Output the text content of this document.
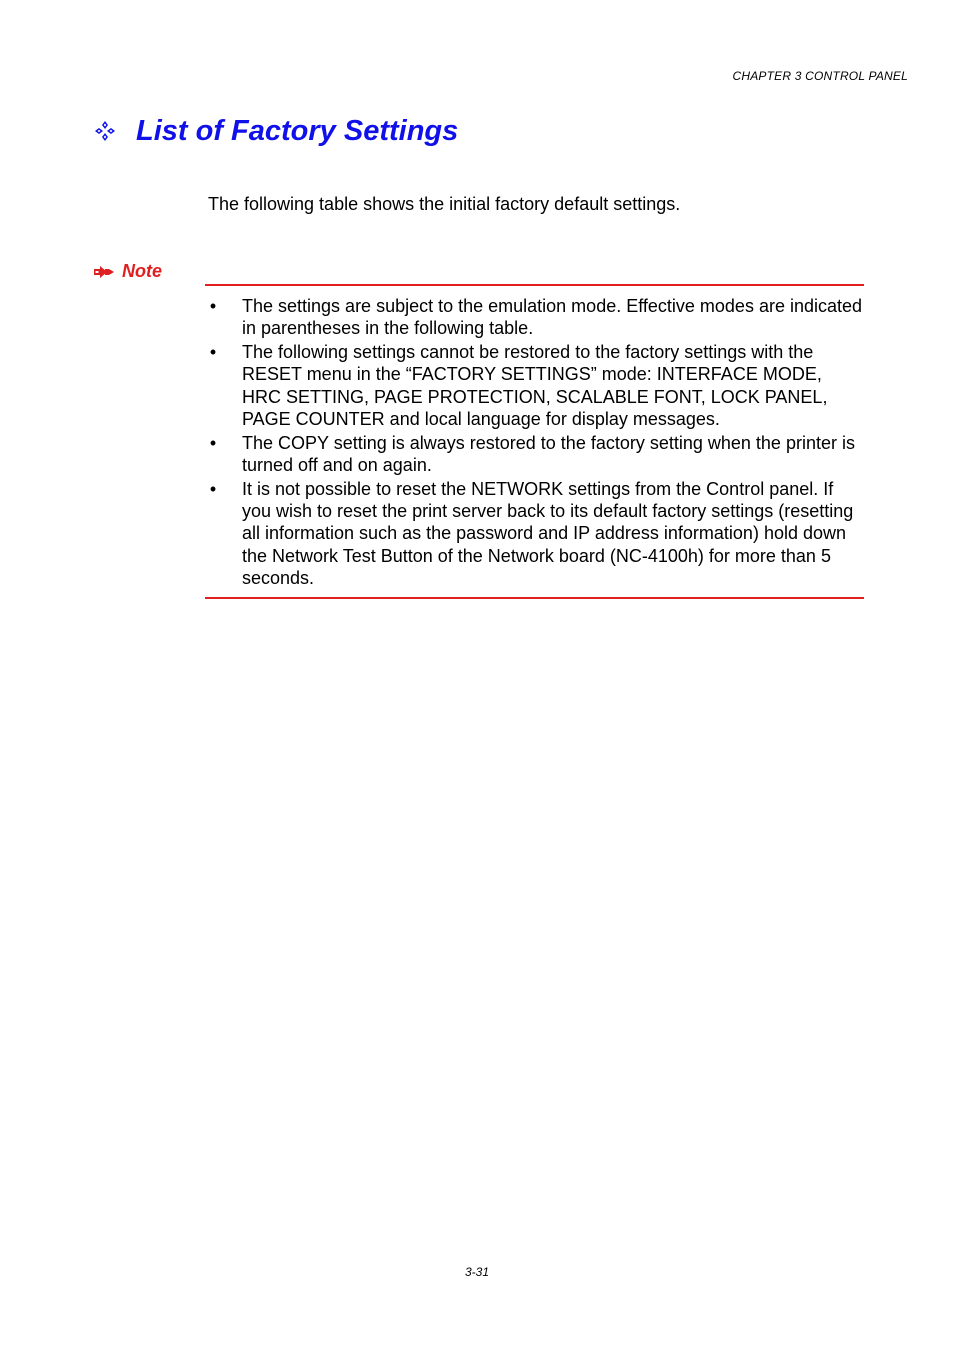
CHAPTER 3 CONTROL PANEL
List of Factory Settings
The following table shows the initial factory default settings.
Note
• The settings are subject to the emulation mode. Effective modes are indicated in parentheses in the following table.
• The following settings cannot be restored to the factory settings with the RESET menu in the “FACTORY SETTINGS” mode: INTERFACE MODE, HRC SETTING, PAGE PROTECTION, SCALABLE FONT, LOCK PANEL, PAGE COUNTER and local language for display messages.
• The COPY setting is always restored to the factory setting when the printer is turned off and on again.
• It is not possible to reset the NETWORK settings from the Control panel. If you wish to reset the print server back to its default factory settings (resetting all information such as the password and IP address information) hold down the Network Test Button of the Network board (NC-4100h) for more than 5 seconds.
3-31
